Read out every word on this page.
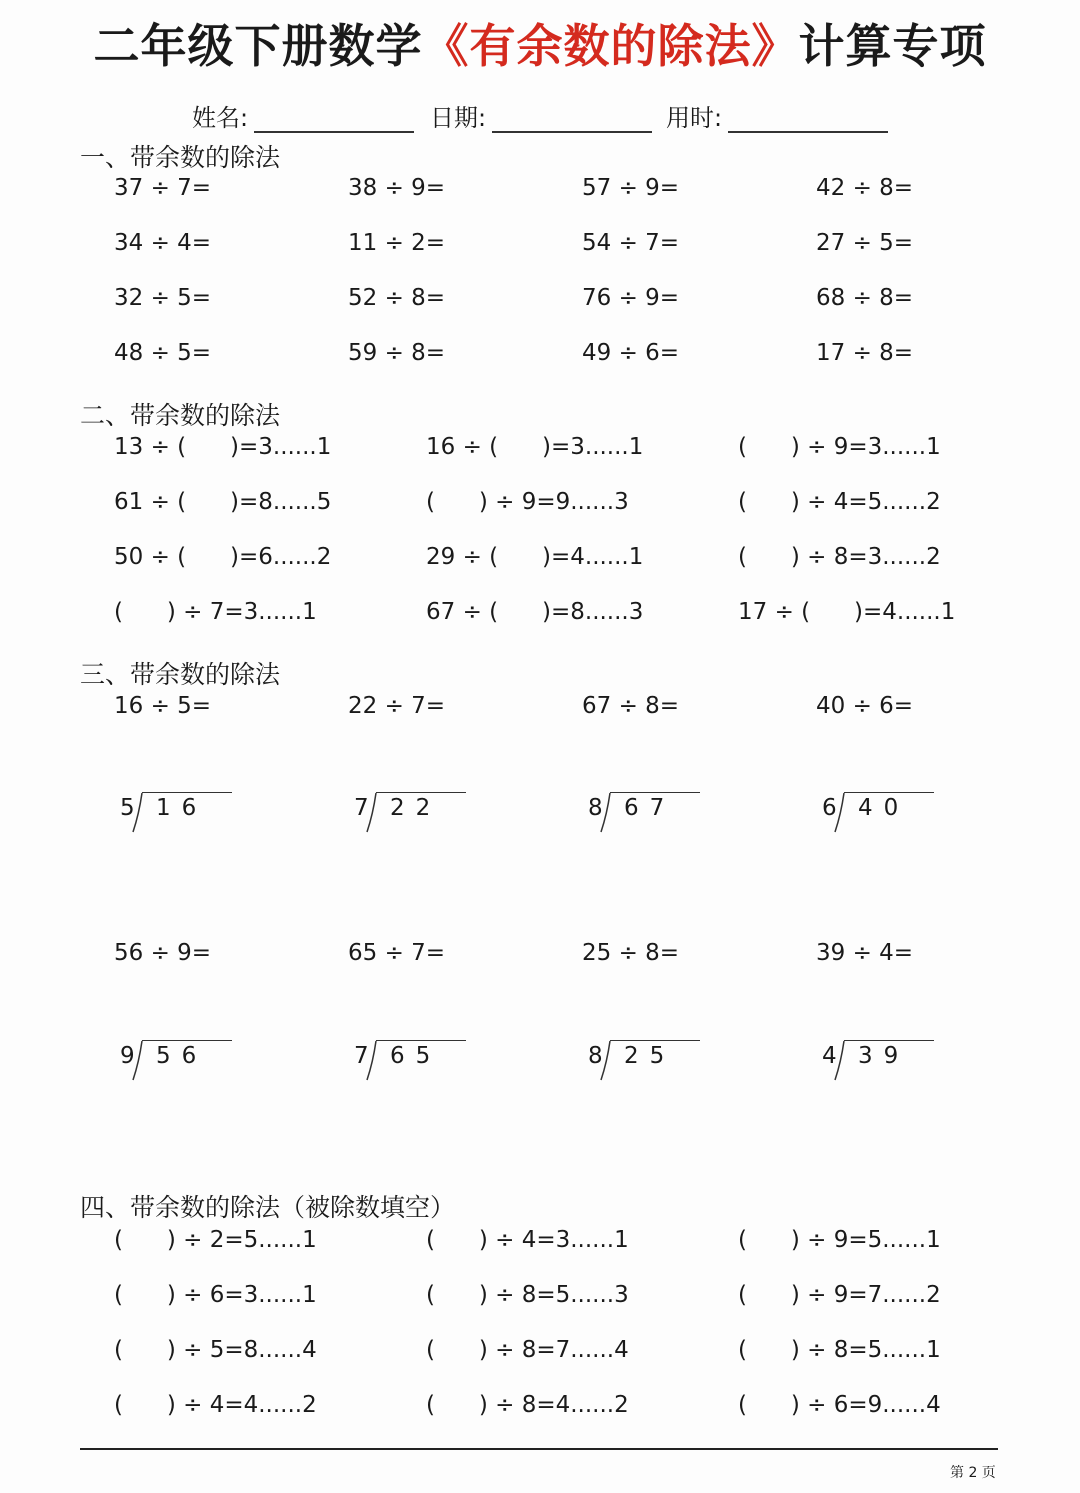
二年级下册数学《有余数的除法》计算专项
姓名:	日期:	用时:
一、带余数的除法
37 ÷ 7=	38 ÷ 9=	57 ÷ 9=	42 ÷ 8=
34 ÷ 4=	11 ÷ 2=	54 ÷ 7=	27 ÷ 5=
32 ÷ 5=	52 ÷ 8=	76 ÷ 9=	68 ÷ 8=
48 ÷ 5=	59 ÷ 8=	49 ÷ 6=	17 ÷ 8=
二、带余数的除法
13 ÷ (      )=3......1	16 ÷ (      )=3......1	(      ) ÷ 9=3......1
61 ÷ (      )=8......5	(      ) ÷ 9=9......3	(      ) ÷ 4=5......2
50 ÷ (      )=6......2	29 ÷ (      )=4......1	(      ) ÷ 8=3......2
(      ) ÷ 7=3......1	67 ÷ (      )=8......3	17 ÷ (      )=4......1
三、带余数的除法
16 ÷ 5=	22 ÷ 7=	67 ÷ 8=	40 ÷ 6=
5 16	7 22	8 67	6 40
56 ÷ 9=	65 ÷ 7=	25 ÷ 8=	39 ÷ 4=
9 56	7 65	8 25	4 39
四、带余数的除法（被除数填空）
(      ) ÷ 2=5......1	(      ) ÷ 4=3......1	(      ) ÷ 9=5......1
(      ) ÷ 6=3......1	(      ) ÷ 8=5......3	(      ) ÷ 9=7......2
(      ) ÷ 5=8......4	(      ) ÷ 8=7......4	(      ) ÷ 8=5......1
(      ) ÷ 4=4......2	(      ) ÷ 8=4......2	(      ) ÷ 6=9......4
第 2 页
